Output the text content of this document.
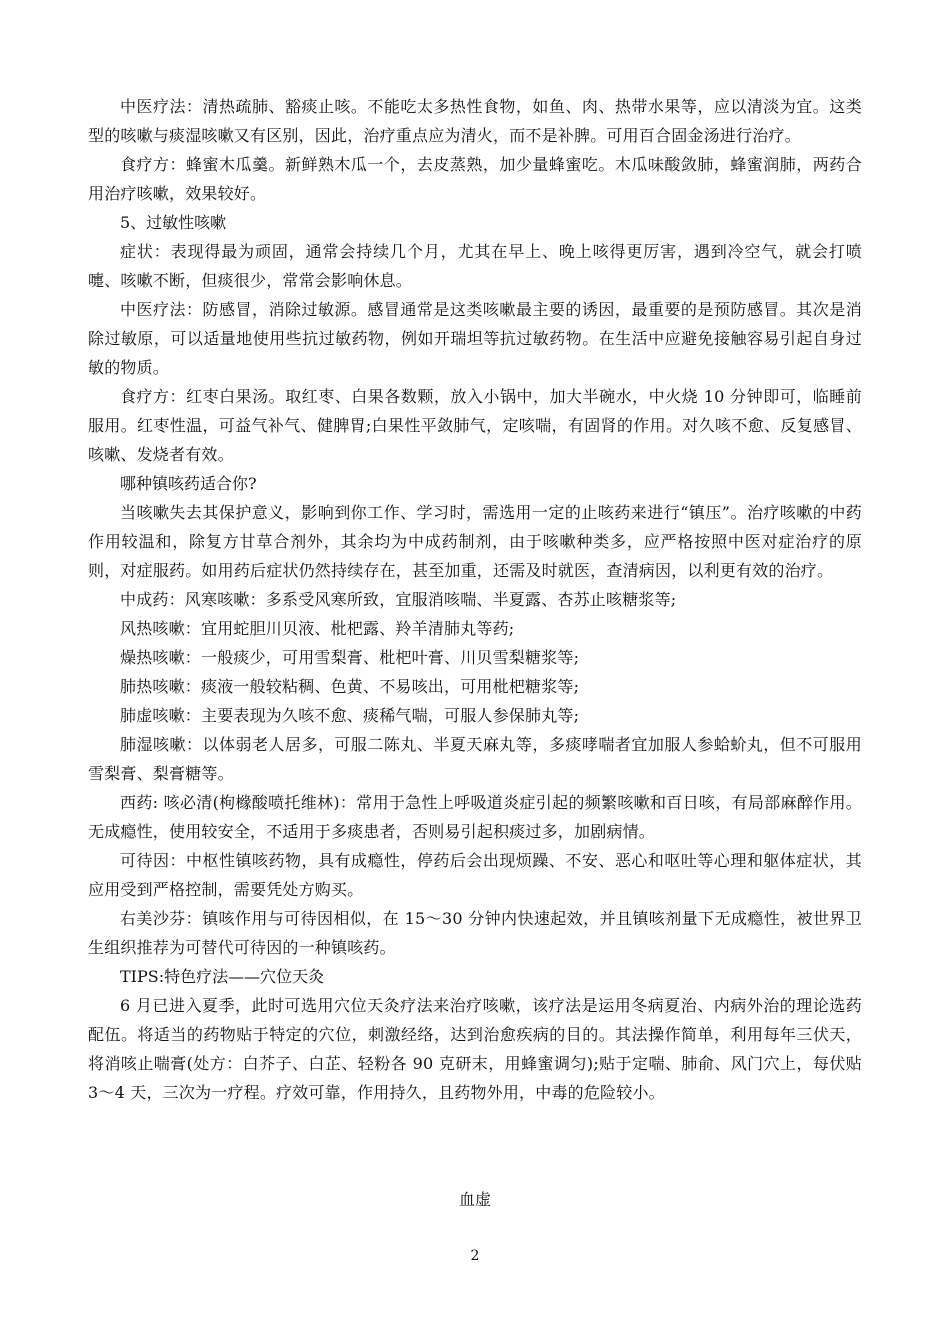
中医疗法：清热疏肺、豁痰止咳。不能吃太多热性食物，如鱼、肉、热带水果等，应以清淡为宜。这类型的咳嗽与痰湿咳嗽又有区别，因此，治疗重点应为清火，而不是补脾。可用百合固金汤进行治疗。

食疗方：蜂蜜木瓜羹。新鲜熟木瓜一个，去皮蒸熟，加少量蜂蜜吃。木瓜味酸敛肺，蜂蜜润肺，两药合用治疗咳嗽，效果较好。

5、过敏性咳嗽

症状：表现得最为顽固，通常会持续几个月，尤其在早上、晚上咳得更厉害，遇到冷空气，就会打喷嚏、咳嗽不断，但痰很少，常常会影响休息。

中医疗法：防感冒，消除过敏源。感冒通常是这类咳嗽最主要的诱因，最重要的是预防感冒。其次是消除过敏原，可以适量地使用些抗过敏药物，例如开瑞坦等抗过敏药物。在生活中应避免接触容易引起自身过敏的物质。

食疗方：红枣白果汤。取红枣、白果各数颗，放入小锅中，加大半碗水，中火烧 10 分钟即可，临睡前服用。红枣性温，可益气补气、健脾胃;白果性平敛肺气，定咳喘，有固肾的作用。对久咳不愈、反复感冒、咳嗽、发烧者有效。

哪种镇咳药适合你?

当咳嗽失去其保护意义，影响到你工作、学习时，需选用一定的止咳药来进行“镇压”。治疗咳嗽的中药作用较温和，除复方甘草合剂外，其余均为中成药制剂，由于咳嗽种类多，应严格按照中医对症治疗的原则，对症服药。如用药后症状仍然持续存在，甚至加重，还需及时就医，查清病因，以利更有效的治疗。

中成药：风寒咳嗽：多系受风寒所致，宜服消咳喘、半夏露、杏苏止咳糖浆等;

风热咳嗽：宜用蛇胆川贝液、枇杷露、羚羊清肺丸等药;

燥热咳嗽：一般痰少，可用雪梨膏、枇杷叶膏、川贝雪梨糖浆等;

肺热咳嗽：痰液一般较粘稠、色黄、不易咳出，可用枇杷糖浆等;

肺虚咳嗽：主要表现为久咳不愈、痰稀气喘，可服人参保肺丸等;

肺湿咳嗽：以体弱老人居多，可服二陈丸、半夏天麻丸等，多痰哮喘者宜加服人参蛤蚧丸，但不可服用雪梨膏、梨膏糖等。

西药: 咳必清(枸橼酸喷托维林)：常用于急性上呼吸道炎症引起的频繁咳嗽和百日咳，有局部麻醉作用。无成瘾性，使用较安全，不适用于多痰患者，否则易引起积痰过多，加剧病情。

可待因：中枢性镇咳药物，具有成瘾性，停药后会出现烦躁、不安、恶心和呕吐等心理和躯体症状，其应用受到严格控制，需要凭处方购买。

右美沙芬：镇咳作用与可待因相似，在 15～30 分钟内快速起效，并且镇咳剂量下无成瘾性，被世界卫生组织推荐为可替代可待因的一种镇咳药。

TIPS:特色疗法——穴位天灸

6 月已进入夏季，此时可选用穴位天灸疗法来治疗咳嗽，该疗法是运用冬病夏治、内病外治的理论选药配伍。将适当的药物贴于特定的穴位，刺激经络，达到治愈疾病的目的。其法操作简单，利用每年三伏天，将消咳止喘膏(处方：白芥子、白芷、轻粉各 90 克研末，用蜂蜜调匀);贴于定喘、肺俞、风门穴上，每伏贴 3～4 天，三次为一疗程。疗效可靠，作用持久，且药物外用，中毒的危险较小。

血虚
2
